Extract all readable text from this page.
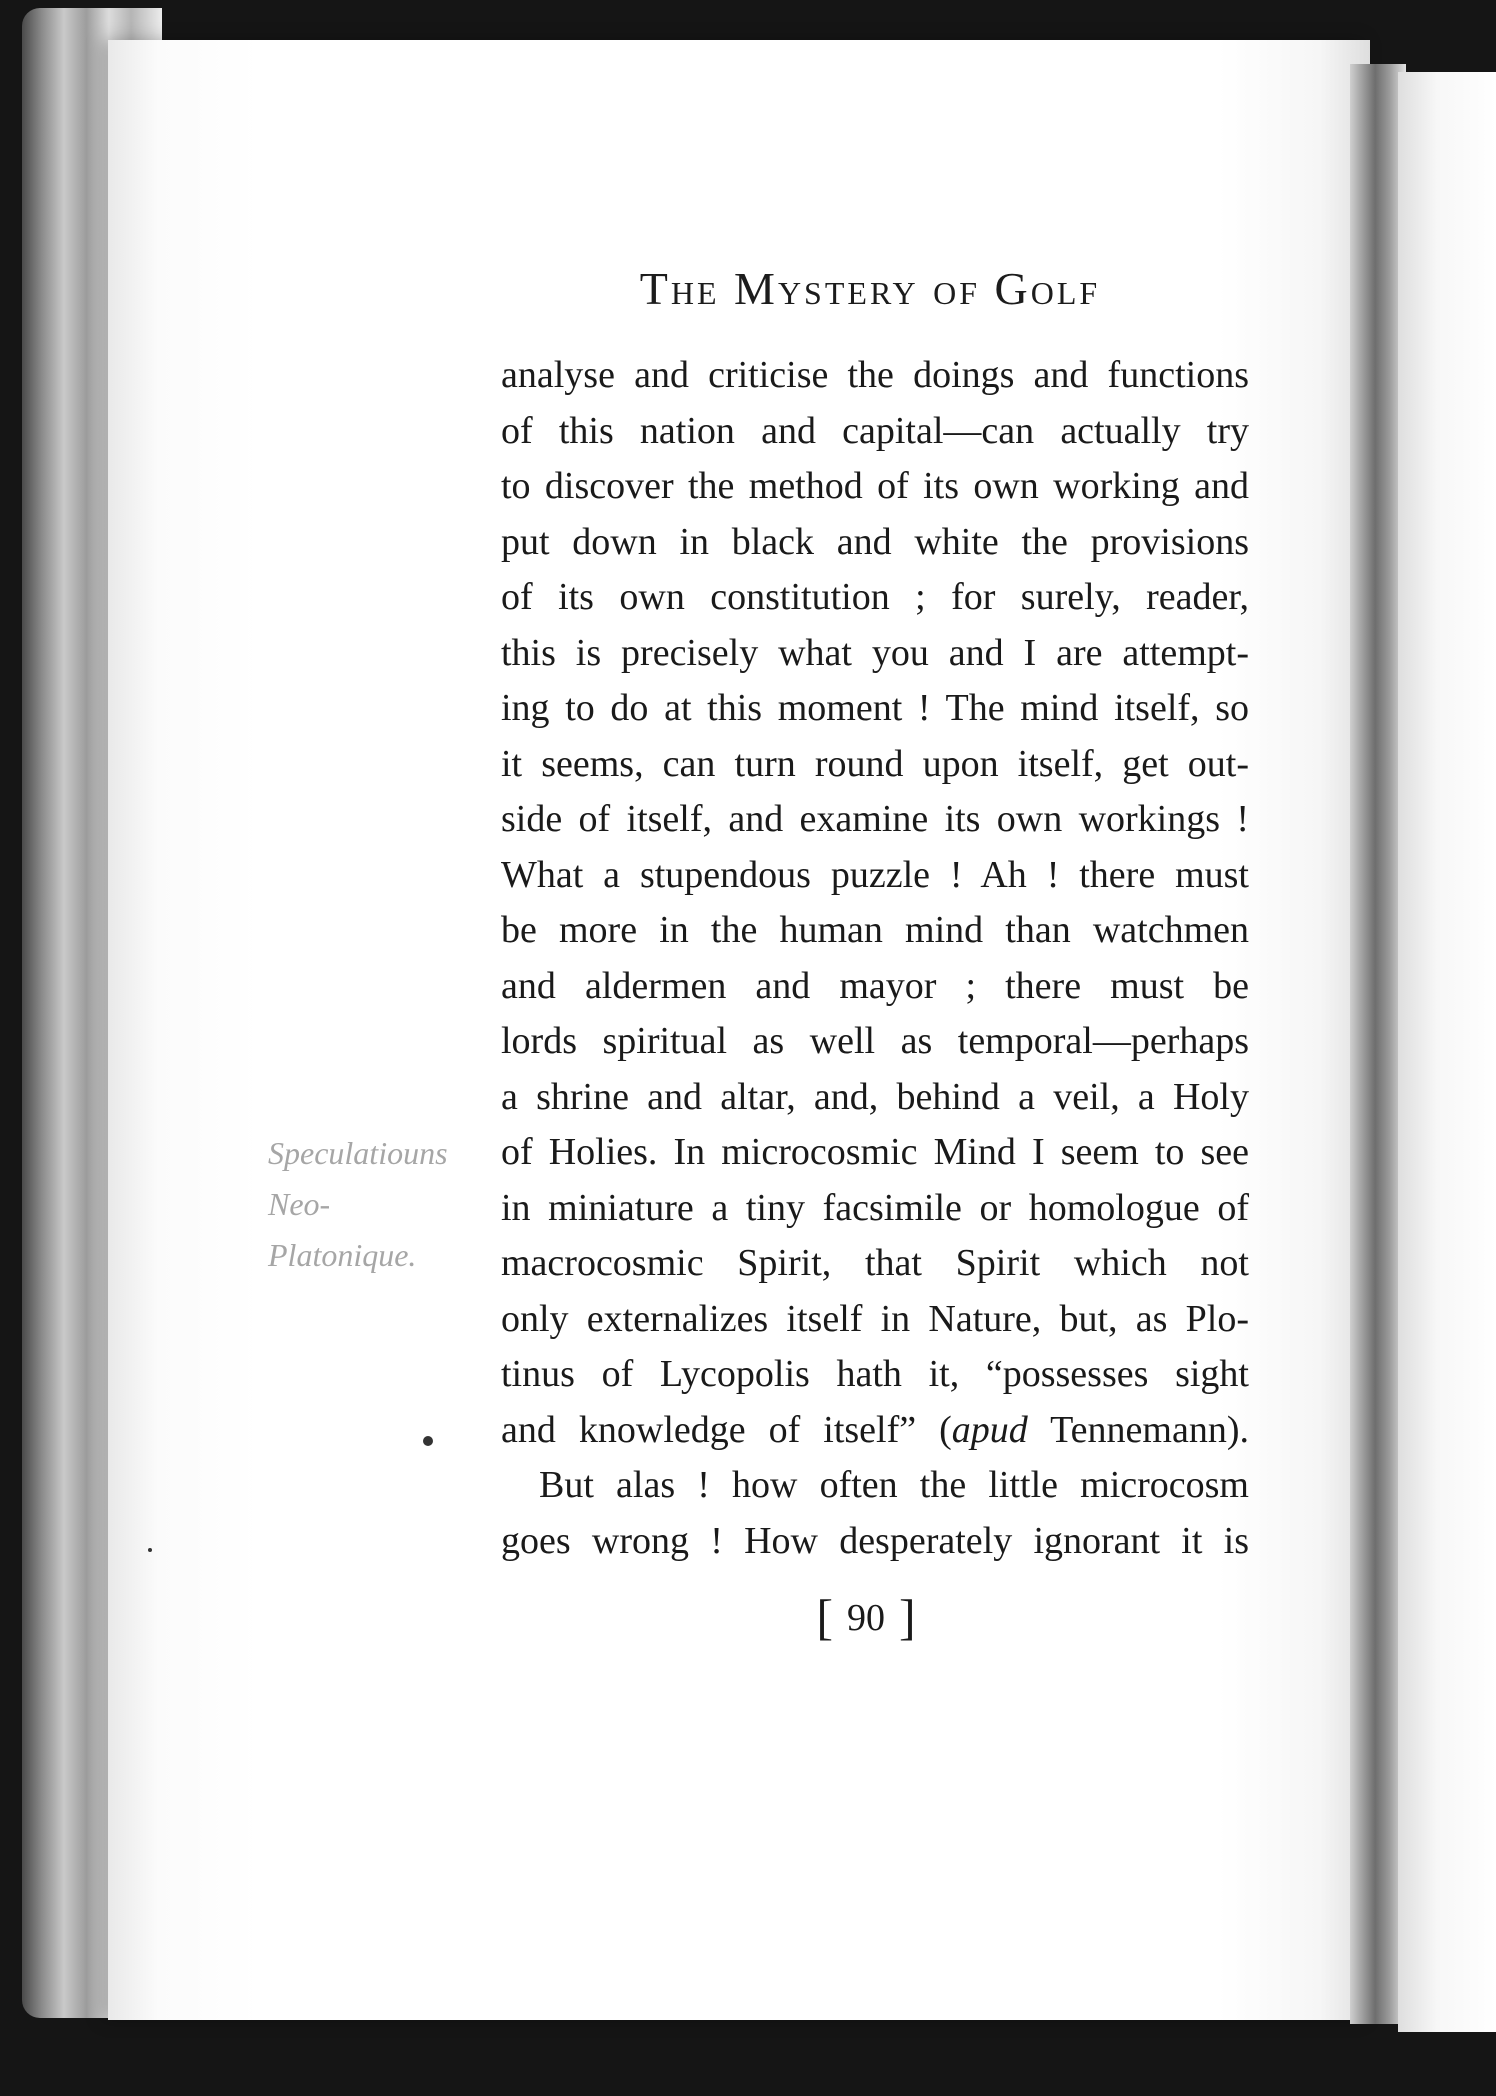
The Mystery of Golf
Speculatiouns
Neo-
Platonique.
analyse and criticise the doings and functions
of this nation and capital—can actually try
to discover the method of its own working and
put down in black and white the provisions
of its own constitution ; for surely, reader,
this is precisely what you and I are attempt-
ing to do at this moment ! The mind itself, so
it seems, can turn round upon itself, get out-
side of itself, and examine its own workings !
What a stupendous puzzle ! Ah ! there must
be more in the human mind than watchmen
and aldermen and mayor ; there must be
lords spiritual as well as temporal—perhaps
a shrine and altar, and, behind a veil, a Holy
of Holies. In microcosmic Mind I seem to see
in miniature a tiny facsimile or homologue of
macrocosmic Spirit, that Spirit which not
only externalizes itself in Nature, but, as Plo-
tinus of Lycopolis hath it, “possesses sight
and knowledge of itself” (apud Tennemann).
But alas ! how often the little microcosm
goes wrong ! How desperately ignorant it is
[ 90 ]
